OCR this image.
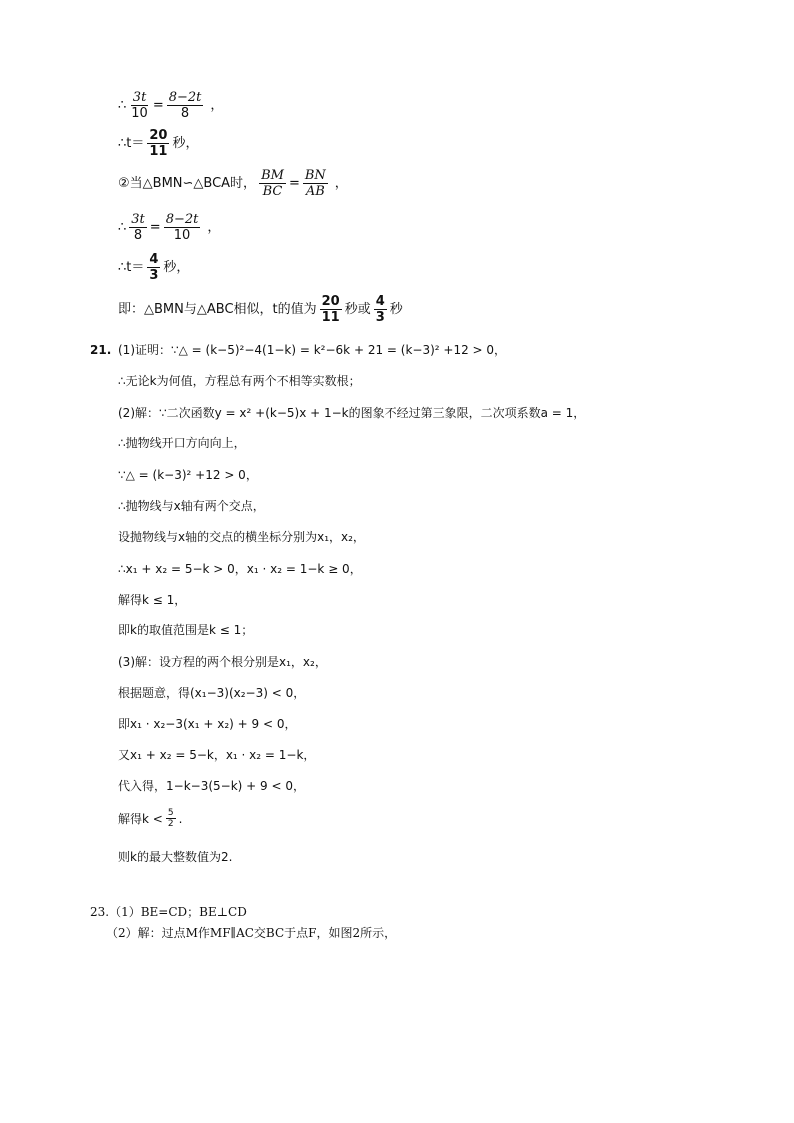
∴ $\frac{3t}{10} = \frac{8-2t}{8}$ ，
∴t＝ $\frac{20}{11}$ 秒，
②当△BMN∽△BCA时， $\frac{BM}{BC} = \frac{BN}{AB}$ ，
∴ $\frac{3t}{8} = \frac{8-2t}{10}$ ，
∴t＝ $\frac{4}{3}$ 秒，
即：△BMN与△ABC相似，t的值为 $\frac{20}{11}$ 秒或 $\frac{4}{3}$ 秒
21. (1)证明：∵△ = (k−5)²−4(1−k) = k²−6k + 21 = (k−3)² +12 > 0，
∴无论k为何值，方程总有两个不相等实数根；
(2)解：∵二次函数y = x² +(k−5)x + 1−k的图象不经过第三象限，二次项系数a = 1，
∴抛物线开口方向向上，
∵△ = (k−3)² +12 > 0，
∴抛物线与x轴有两个交点，
设抛物线与x轴的交点的横坐标分别为x₁，x₂，
∴x₁ + x₂ = 5−k > 0，x₁ · x₂ = 1−k ≥ 0，
解得k ≤ 1，
即k的取值范围是k ≤ 1；
(3)解：设方程的两个根分别是x₁，x₂，
根据题意，得(x₁−3)(x₂−3) < 0，
即x₁ · x₂−3(x₁ + x₂) + 9 < 0，
又x₁ + x₂ = 5−k，x₁ · x₂ = 1−k，
代入得，1−k−3(5−k) + 9 < 0，
解得$k < \frac{5}{2}$ .
则k的最大整数值为2.
23.（1）BE=CD；BE⊥CD
（2）解：过点M作MF∥AC交BC于点F，如图2所示，
